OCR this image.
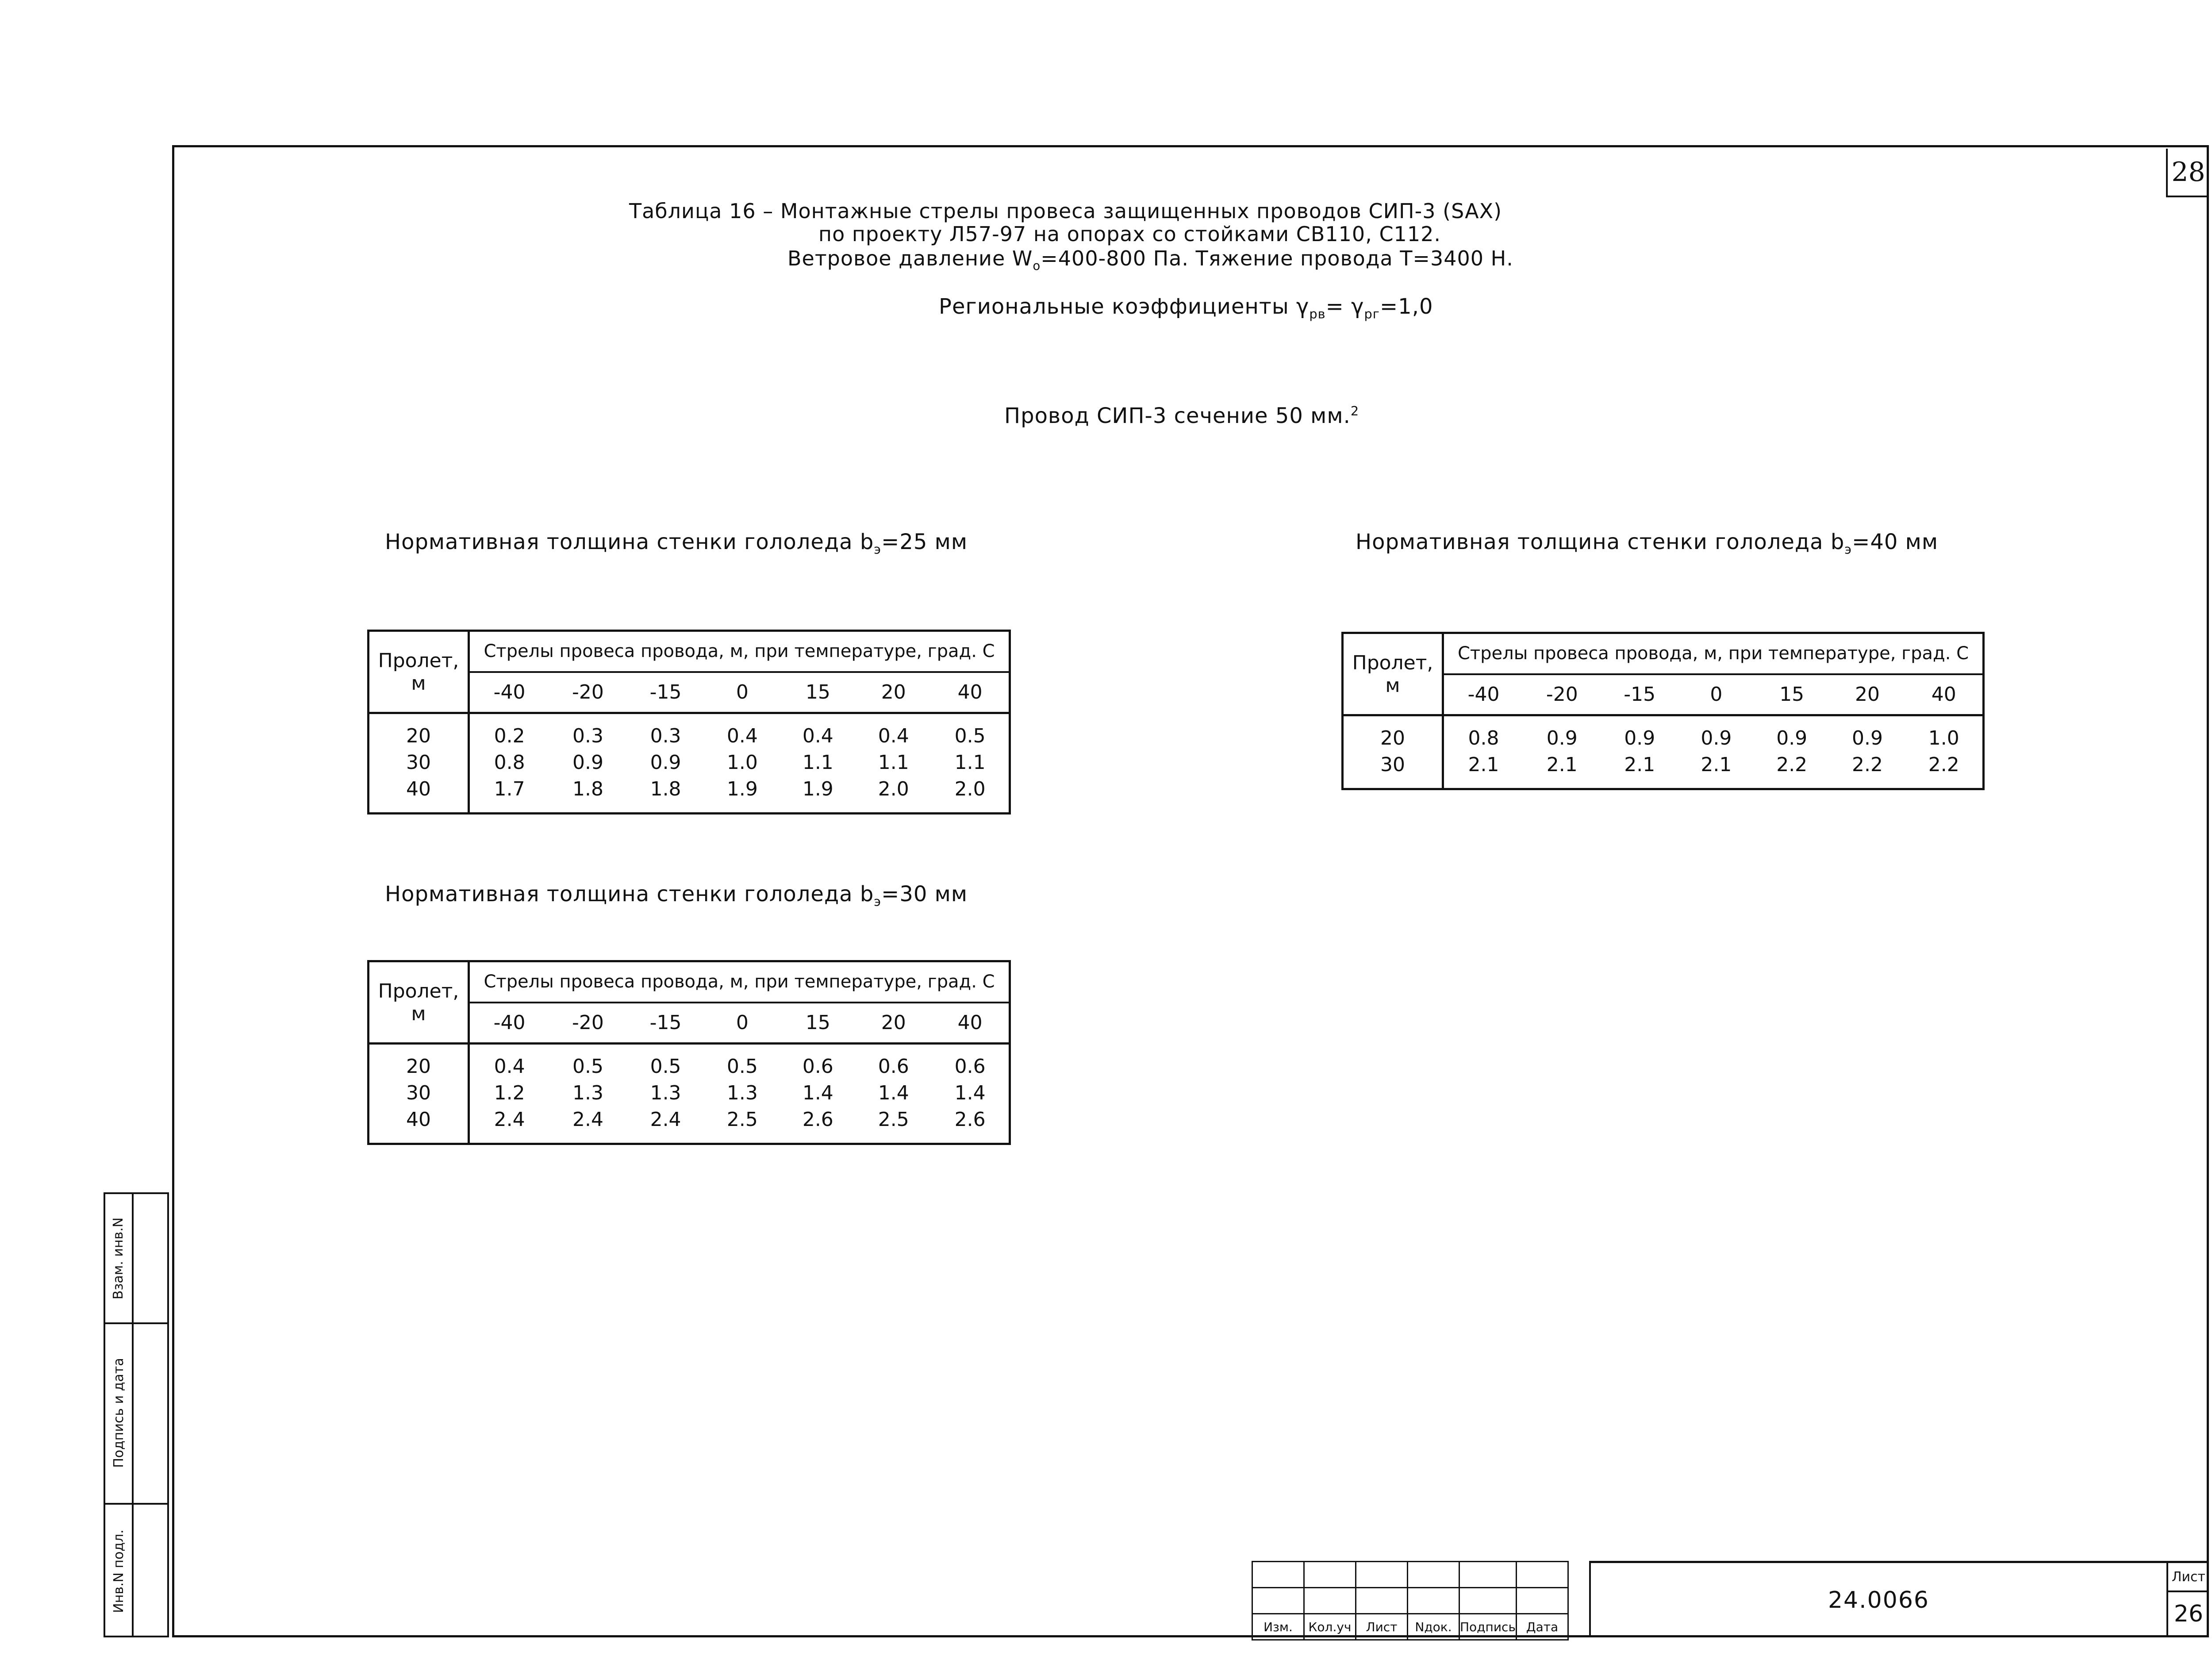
28
Взам. инв.N
Подпись и дата
Инв.N подл.
Таблица 16 – Монтажные стрелы провеса защищенных проводов СИП-3 (SAX)
по проекту Л57-97 на опорах со стойками СВ110, С112.
Ветровое давление $W_o=400-800$ Па. Тяжение провода Т=3400 Н.
Региональные коэффициенты $\gamma_{рв}= \gamma_{рг}=1,0$
Провод СИП-3 сечение 50 мм.$^2$
Нормативная толщина стенки гололеда $b_э=25$ мм	Нормативная толщина стенки гололеда $b_э=40$ мм
Нормативная толщина стенки гололеда $b_э=30$ мм
Пролет,
м	Стрелы провеса провода, м, при температуре, град. С						
	-40	-20	-15	0	15	20	40
20	0.2	0.3	0.3	0.4	0.4	0.4	0.5
30	0.8	0.9	0.9	1.0	1.1	1.1	1.1
40	1.7	1.8	1.8	1.9	1.9	2.0	2.0
Пролет,
м	Стрелы провеса провода, м, при температуре, град. С						
	-40	-20	-15	0	15	20	40
20	0.8	0.9	0.9	0.9	0.9	0.9	1.0
30	2.1	2.1	2.1	2.1	2.2	2.2	2.2
Пролет,
м	Стрелы провеса провода, м, при температуре, град. С						
	-40	-20	-15	0	15	20	40
20	0.4	0.5	0.5	0.5	0.6	0.6	0.6
30	1.2	1.3	1.3	1.3	1.4	1.4	1.4
40	2.4	2.4	2.4	2.5	2.6	2.5	2.6

Изм.	Кол.уч	Лист	Nдок.	Подпись	Дата
24.0066
Лист
26
